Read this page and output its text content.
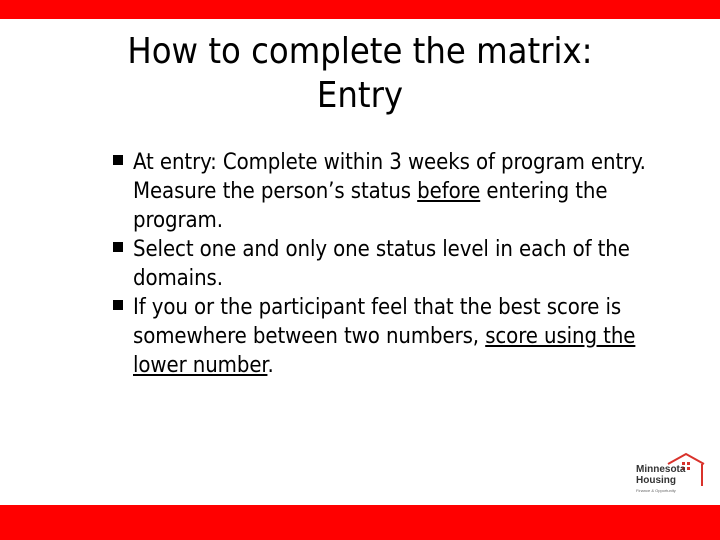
How to complete the matrix:
Entry
At entry: Complete within 3 weeks of program entry. Measure the person’s status before entering the program.
Select one and only one status level in each of the domains.
If you or the participant feel that the best score is somewhere between two numbers, score using the lower number.
Minnesota
Housing
Finance & Opportunity
